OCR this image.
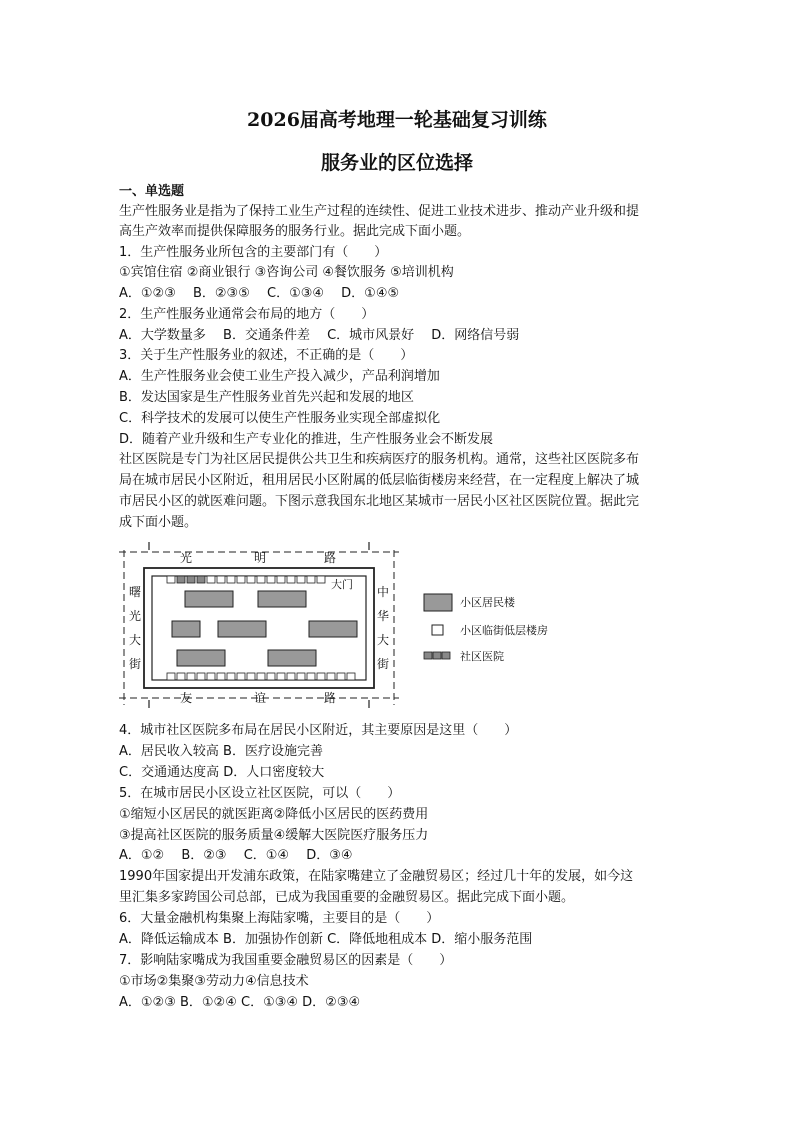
2026届高考地理一轮基础复习训练
服务业的区位选择
一、单选题
生产性服务业是指为了保持工业生产过程的连续性、促进工业技术进步、推动产业升级和提
高生产效率而提供保障服务的服务行业。据此完成下面小题。
1．生产性服务业所包含的主要部门有（　　）
①宾馆住宿 ②商业银行 ③咨询公司 ④餐饮服务 ⑤培训机构
A．①②③　 B．②③⑤　 C．①③④　 D．①④⑤
2．生产性服务业通常会布局的地方（　　）
A．大学数量多　 B．交通条件差　 C．城市风景好　 D．网络信号弱
3．关于生产性服务业的叙述，不正确的是（　　）
A．生产性服务业会使工业生产投入减少，产品利润增加
B．发达国家是生产性服务业首先兴起和发展的地区
C．科学技术的发展可以使生产性服务业实现全部虚拟化
D．随着产业升级和生产专业化的推进，生产性服务业会不断发展
社区医院是专门为社区居民提供公共卫生和疾病医疗的服务机构。通常，这些社区医院多布
局在城市居民小区附近，租用居民小区附属的低层临街楼房来经营，在一定程度上解决了城
市居民小区的就医难问题。下图示意我国东北地区某城市一居民小区社区医院位置。据此完
成下面小题。
大门
光	明	路
友	谊	路
曙
光
大
街
中
华
大
街
小区居民楼
小区临街低层楼房
社区医院
4．城市社区医院多布局在居民小区附近，其主要原因是这里（　　）
A．居民收入较高 B．医疗设施完善
C．交通通达度高 D．人口密度较大
5．在城市居民小区设立社区医院，可以（　　）
①缩短小区居民的就医距离②降低小区居民的医药费用
③提高社区医院的服务质量④缓解大医院医疗服务压力
A．①②　 B．②③　 C．①④　 D．③④
1990年国家提出开发浦东政策，在陆家嘴建立了金融贸易区；经过几十年的发展，如今这
里汇集多家跨国公司总部，已成为我国重要的金融贸易区。据此完成下面小题。
6．大量金融机构集聚上海陆家嘴，主要目的是（　　）
A．降低运输成本 B．加强协作创新 C．降低地租成本 D．缩小服务范围
7．影响陆家嘴成为我国重要金融贸易区的因素是（　　）
①市场②集聚③劳动力④信息技术
A．①②③ B．①②④ C．①③④ D．②③④
